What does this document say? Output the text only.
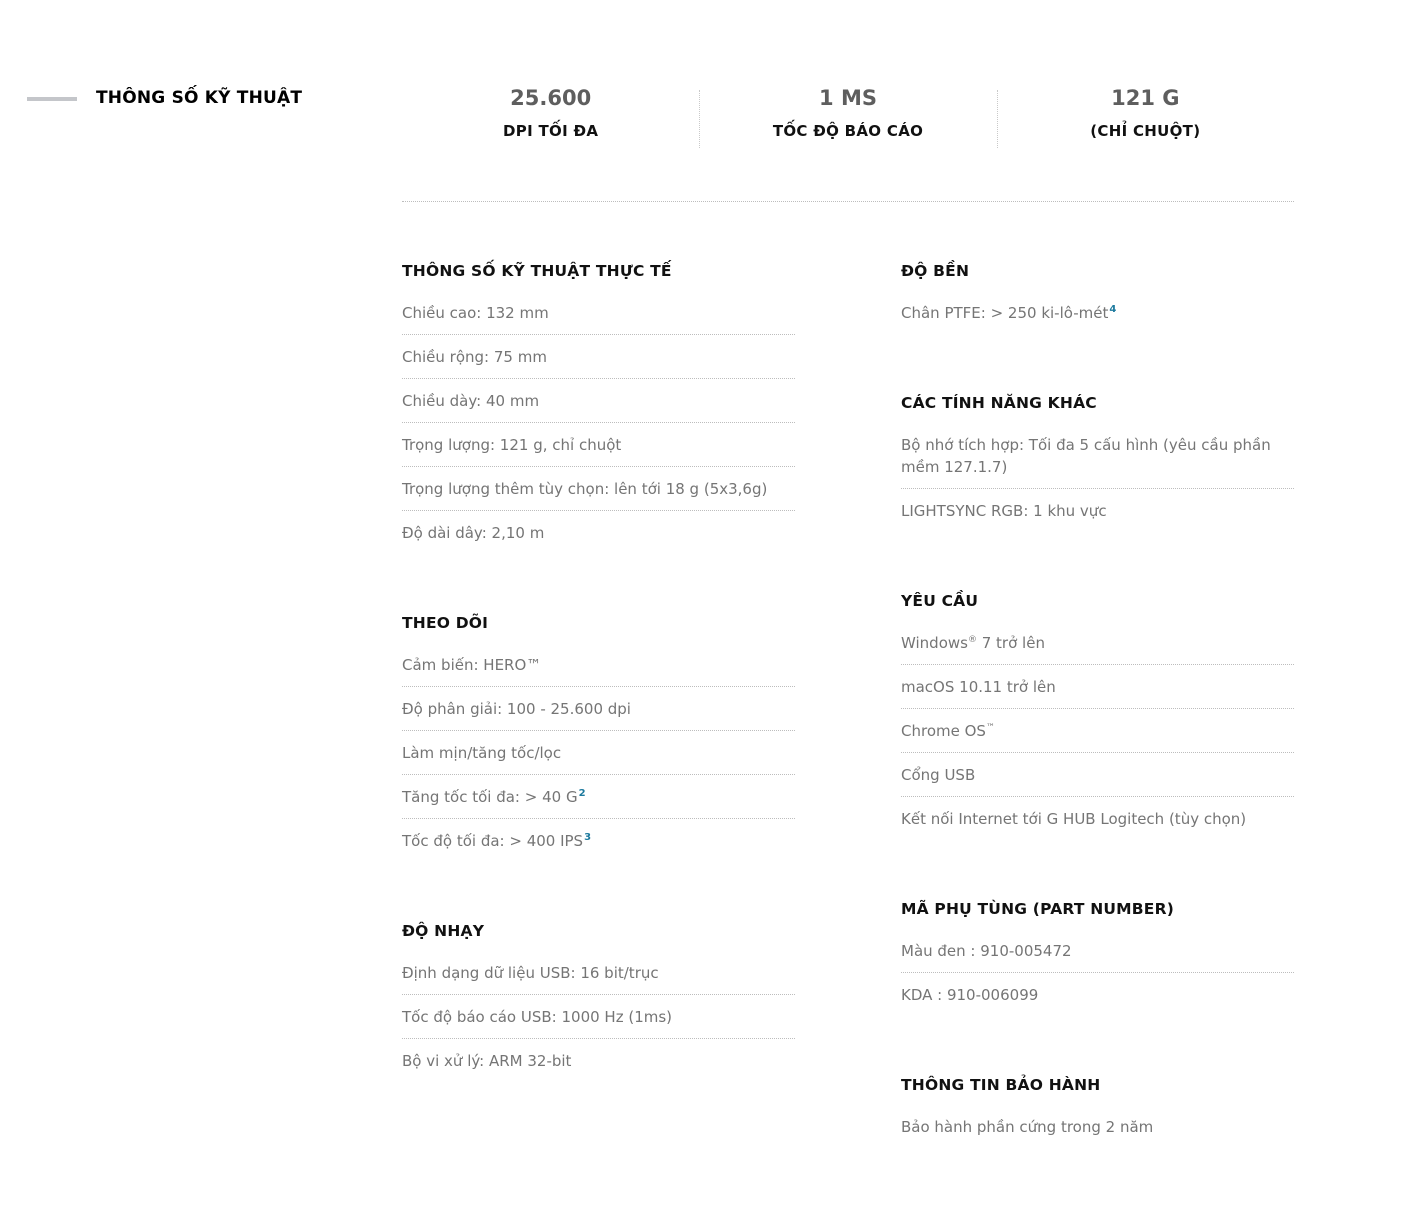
THÔNG SỐ KỸ THUẬT	25.600
DPI TỐI ĐA
1 MS
TỐC ĐỘ BÁO CÁO
121 G
(CHỈ CHUỘT)
THÔNG SỐ KỸ THUẬT THỰC TẾ
Chiều cao: 132 mm
Chiều rộng: 75 mm
Chiều dày: 40 mm
Trọng lượng: 121 g, chỉ chuột
Trọng lượng thêm tùy chọn: lên tới 18 g (5x3,6g)
Độ dài dây: 2,10 m
THEO DÕI
Cảm biến: HERO™
Độ phân giải: 100 - 25.600 dpi
Làm mịn/tăng tốc/lọc
Tăng tốc tối đa: > 40 G$^2$
Tốc độ tối đa: > 400 IPS$^3$
ĐỘ NHẠY
Định dạng dữ liệu USB: 16 bit/trục
Tốc độ báo cáo USB: 1000 Hz (1ms)
Bộ vi xử lý: ARM 32-bit
ĐỘ BỀN
Chân PTFE: > 250 ki-lô-mét$^4$
CÁC TÍNH NĂNG KHÁC
Bộ nhớ tích hợp: Tối đa 5 cấu hình (yêu cầu phần mềm 127.1.7)
LIGHTSYNC RGB: 1 khu vực
YÊU CẦU
Windows® 7 trở lên
macOS 10.11 trở lên
Chrome OS™
Cổng USB
Kết nối Internet tới G HUB Logitech (tùy chọn)
MÃ PHỤ TÙNG (PART NUMBER)
Màu đen : 910-005472
KDA : 910-006099
THÔNG TIN BẢO HÀNH
Bảo hành phần cứng trong 2 năm
